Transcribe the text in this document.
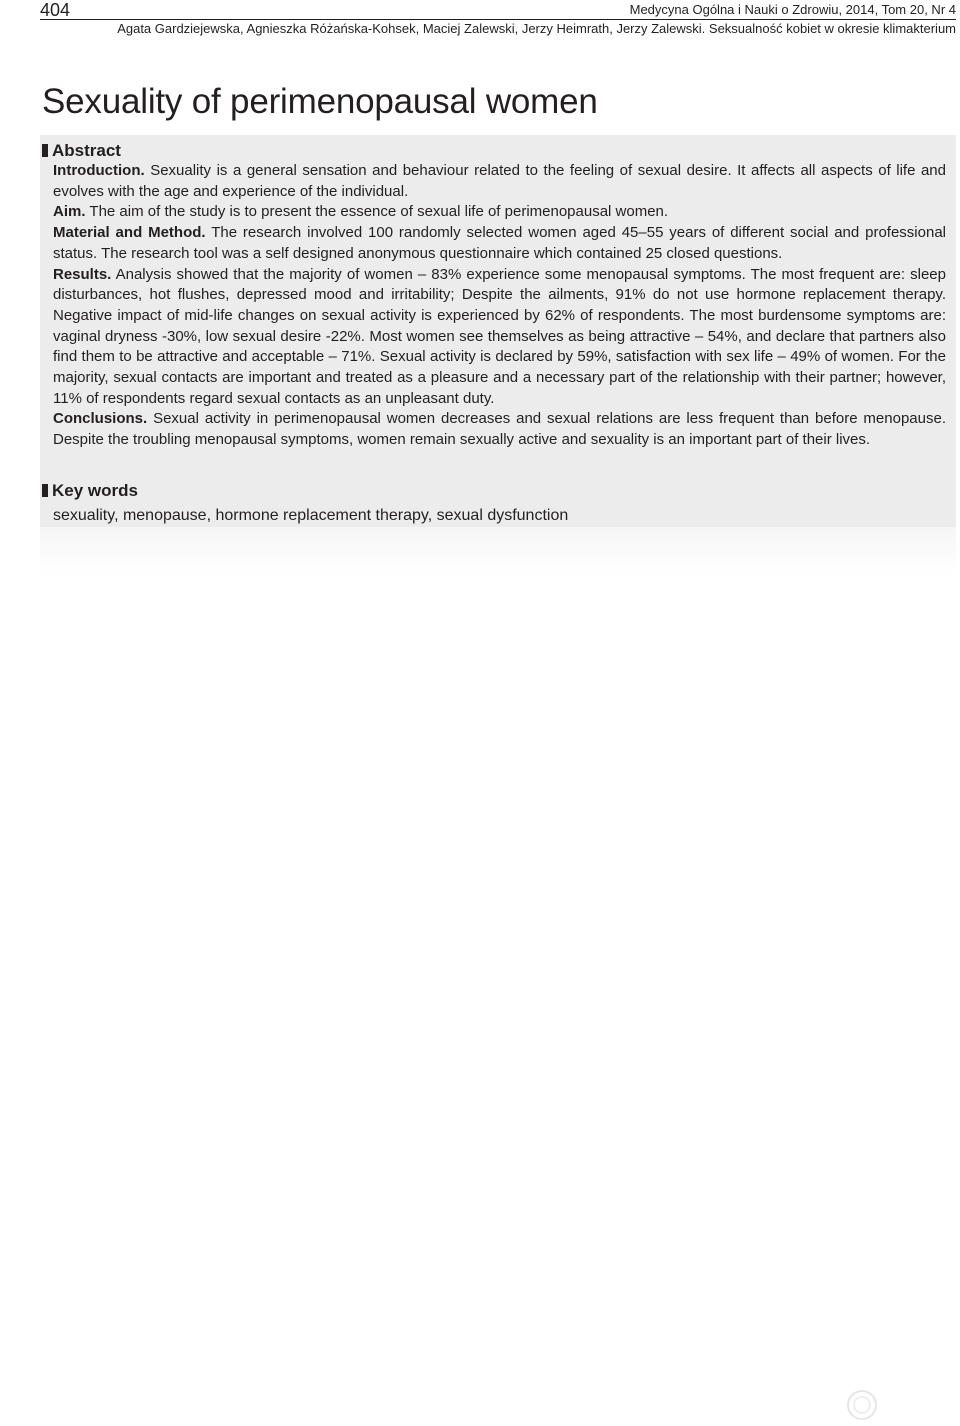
404	Medycyna Ogólna i Nauki o Zdrowiu, 2014, Tom 20, Nr 4
Agata Gardziejewska, Agnieszka Różańska-Kohsek, Maciej Zalewski, Jerzy Heimrath, Jerzy Zalewski. Seksualność kobiet w okresie klimakterium
Sexuality of perimenopausal women
Abstract

Introduction. Sexuality is a general sensation and behaviour related to the feeling of sexual desire. It affects all aspects of life and evolves with the age and experience of the individual.

Aim. The aim of the study is to present the essence of sexual life of perimenopausal women.

Material and Method. The research involved 100 randomly selected women aged 45–55 years of different social and professional status. The research tool was a self designed anonymous questionnaire which contained 25 closed questions.

Results. Analysis showed that the majority of women – 83% experience some menopausal symptoms. The most frequent are: sleep disturbances, hot flushes, depressed mood and irritability; Despite the ailments, 91% do not use hormone replacement therapy. Negative impact of mid-life changes on sexual activity is experienced by 62% of respondents. The most burdensome symptoms are: vaginal dryness -30%, low sexual desire -22%. Most women see themselves as being attractive – 54%, and declare that partners also find them to be attractive and acceptable – 71%. Sexual activity is declared by 59%, satisfaction with sex life – 49% of women. For the majority, sexual contacts are important and treated as a pleasure and a necessary part of the relationship with their partner; however, 11% of respondents regard sexual contacts as an unpleasant duty.

Conclusions. Sexual activity in perimenopausal women decreases and sexual relations are less frequent than before menopause. Despite the troubling menopausal symptoms, women remain sexually active and sexuality is an important part of their lives.

Key words
sexuality, menopause, hormone replacement therapy, sexual dysfunction
